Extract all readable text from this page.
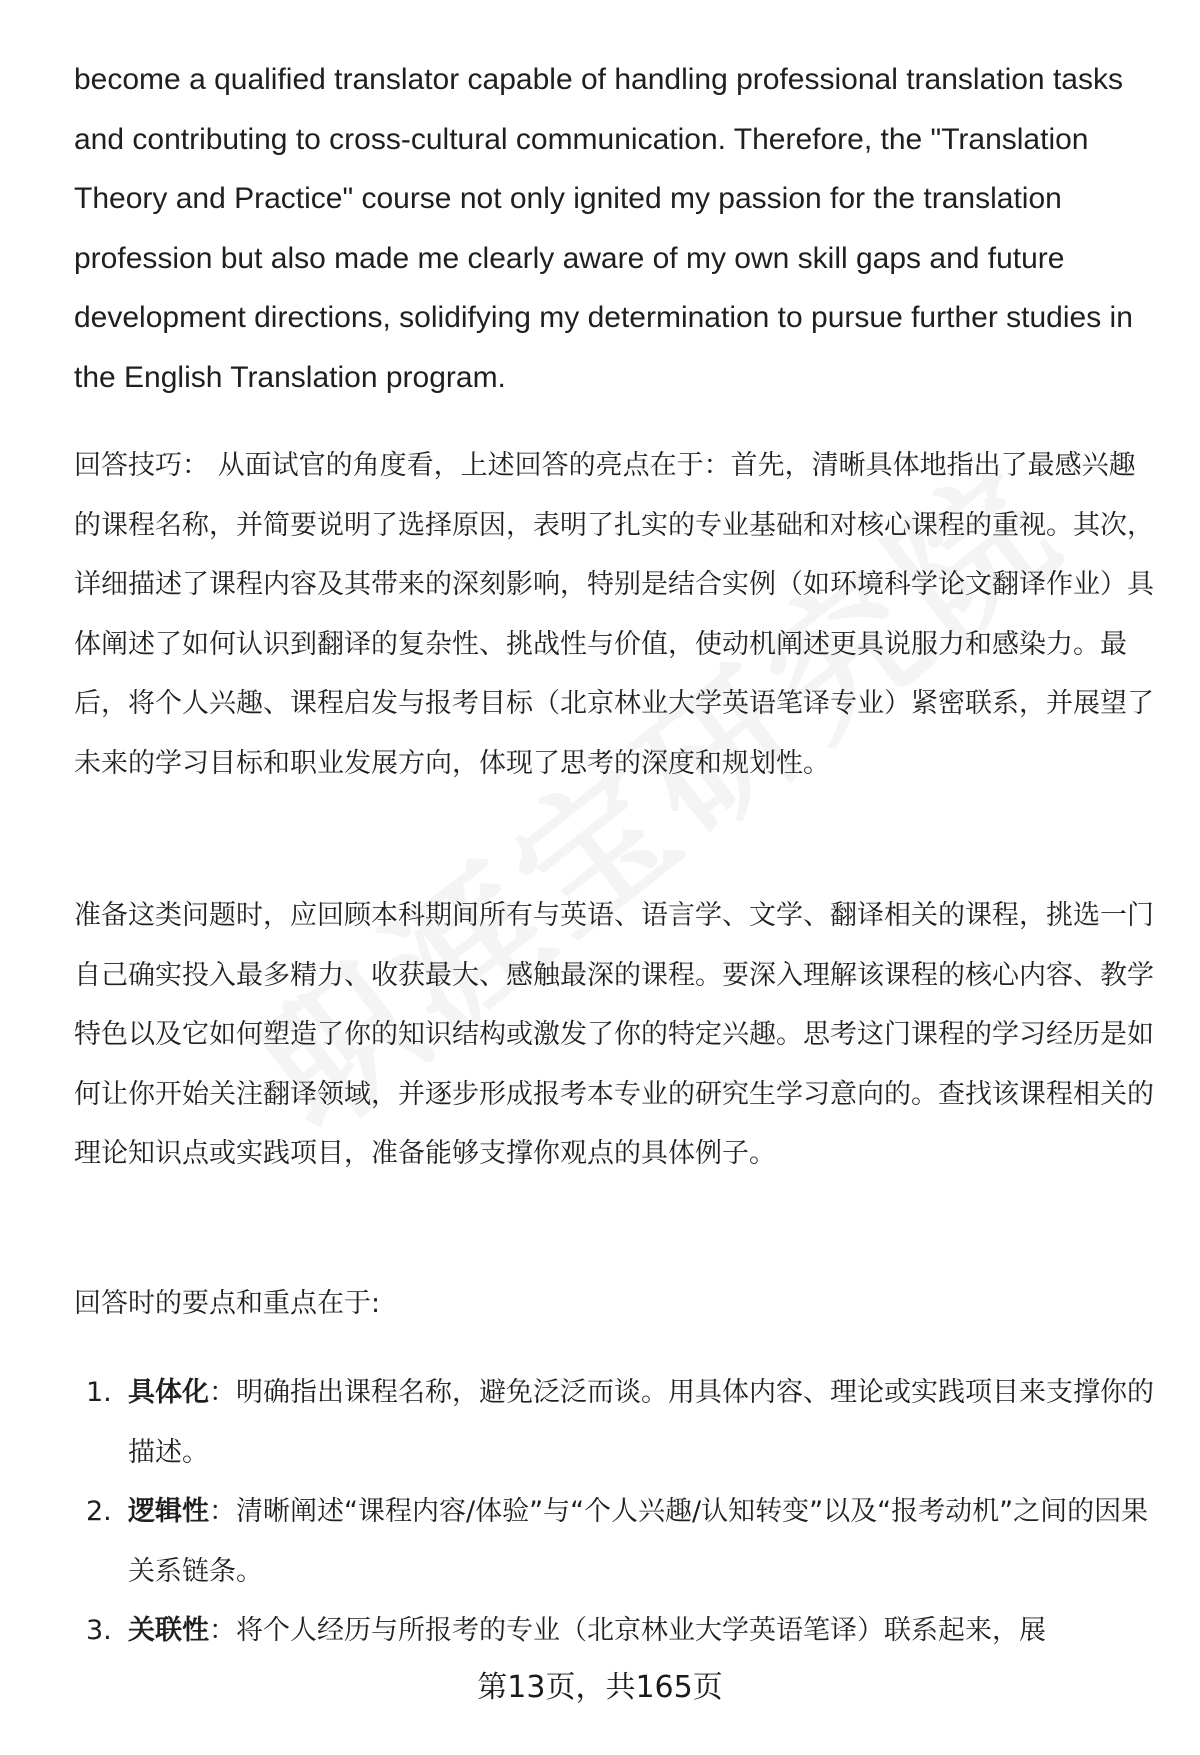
become a qualified translator capable of handling professional translation tasks and contributing to cross-cultural communication. Therefore, the "Translation Theory and Practice" course not only ignited my passion for the translation profession but also made me clearly aware of my own skill gaps and future development directions, solidifying my determination to pursue further studies in the English Translation program.

回答技巧： 从面试官的角度看，上述回答的亮点在于：首先，清晰具体地指出了最感兴趣的课程名称，并简要说明了选择原因，表明了扎实的专业基础和对核心课程的重视。其次，详细描述了课程内容及其带来的深刻影响，特别是结合实例（如环境科学论文翻译作业）具体阐述了如何认识到翻译的复杂性、挑战性与价值，使动机阐述更具说服力和感染力。最后，将个人兴趣、课程启发与报考目标（北京林业大学英语笔译专业）紧密联系，并展望了未来的学习目标和职业发展方向，体现了思考的深度和规划性。

准备这类问题时，应回顾本科期间所有与英语、语言学、文学、翻译相关的课程，挑选一门自己确实投入最多精力、收获最大、感触最深的课程。要深入理解该课程的核心内容、教学特色以及它如何塑造了你的知识结构或激发了你的特定兴趣。思考这门课程的学习经历是如何让你开始关注翻译领域，并逐步形成报考本专业的研究生学习意向的。查找该课程相关的理论知识点或实践项目，准备能够支撑你观点的具体例子。

回答时的要点和重点在于:

1. 具体化：明确指出课程名称，避免泛泛而谈。用具体内容、理论或实践项目来支撑你的描述。
2. 逻辑性：清晰阐述“课程内容/体验”与“个人兴趣/认知转变”以及“报考动机”之间的因果关系链条。
3. 关联性：将个人经历与所报考的专业（北京林业大学英语笔译）联系起来，展
第13页，共165页
